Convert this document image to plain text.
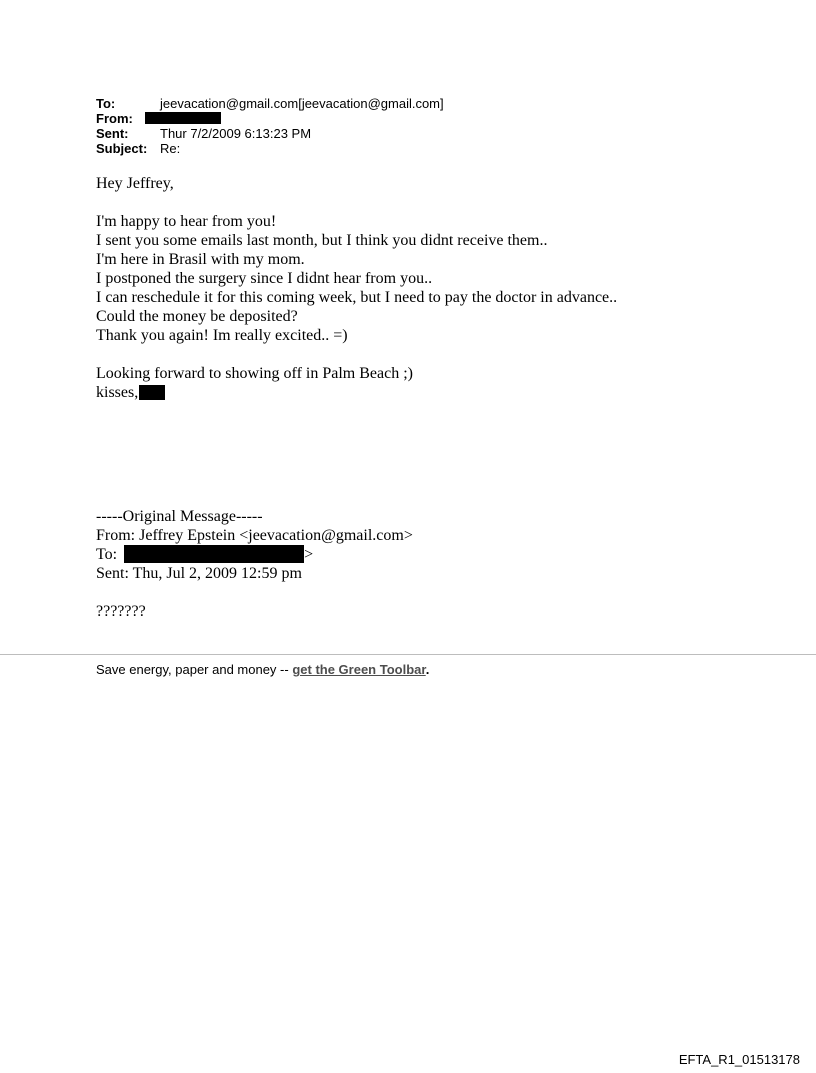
To:	jeevacation@gmail.com[jeevacation@gmail.com]
From:
Sent:	Thur 7/2/2009 6:13:23 PM
Subject: Re:
Hey Jeffrey,
I'm happy to hear from you!
I sent you some emails last month, but I think you didnt receive them..
I'm here in Brasil with my mom.
I postponed the surgery since I didnt hear from you..
I can reschedule it for this coming week, but I need to pay the doctor in advance..
Could the money be deposited?
Thank you again! Im really excited.. =)
Looking forward to showing off in Palm Beach ;)
kisses,
-----Original Message-----
From: Jeffrey Epstein <jeevacation@gmail.com>
To:	>
Sent: Thu, Jul 2, 2009 12:59 pm
???????
Save energy, paper and money -- get the Green Toolbar.
EFTA_R1_01513178
